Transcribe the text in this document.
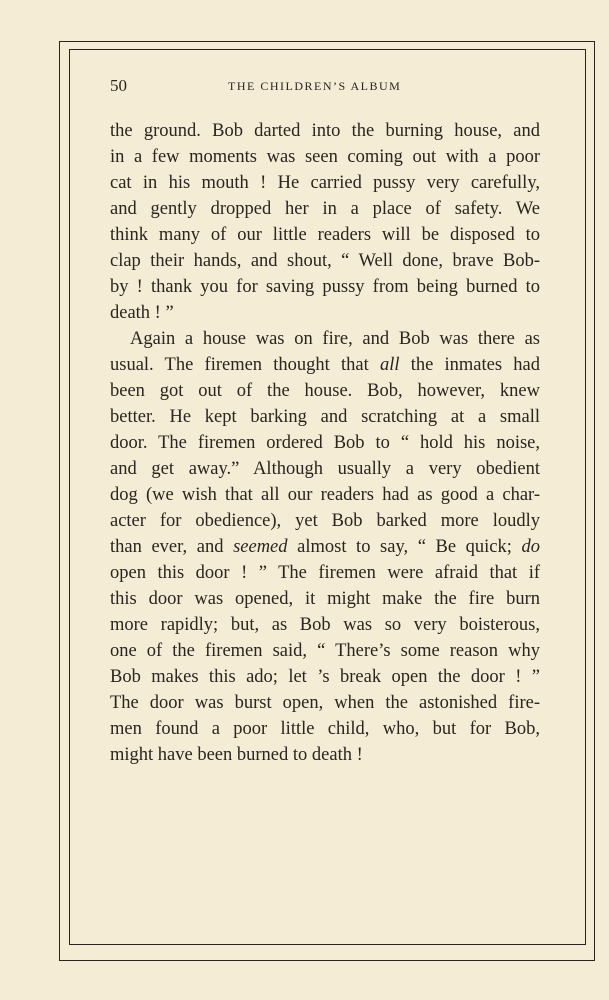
50	THE CHILDREN’S ALBUM
the ground. Bob darted into the burning house, and
in a few moments was seen coming out with a poor
cat in his mouth ! He carried pussy very carefully,
and gently dropped her in a place of safety. We
think many of our little readers will be disposed to
clap their hands, and shout, “ Well done, brave Bob-
by ! thank you for saving pussy from being burned to
death ! ”
Again a house was on fire, and Bob was there as
usual. The firemen thought that all the inmates had
been got out of the house. Bob, however, knew
better. He kept barking and scratching at a small
door. The firemen ordered Bob to “ hold his noise,
and get away.” Although usually a very obedient
dog (we wish that all our readers had as good a char-
acter for obedience), yet Bob barked more loudly
than ever, and seemed almost to say, “ Be quick; do
open this door ! ” The firemen were afraid that if
this door was opened, it might make the fire burn
more rapidly; but, as Bob was so very boisterous,
one of the firemen said, “ There’s some reason why
Bob makes this ado; let ’s break open the door ! ”
The door was burst open, when the astonished fire-
men found a poor little child, who, but for Bob,
might have been burned to death !
